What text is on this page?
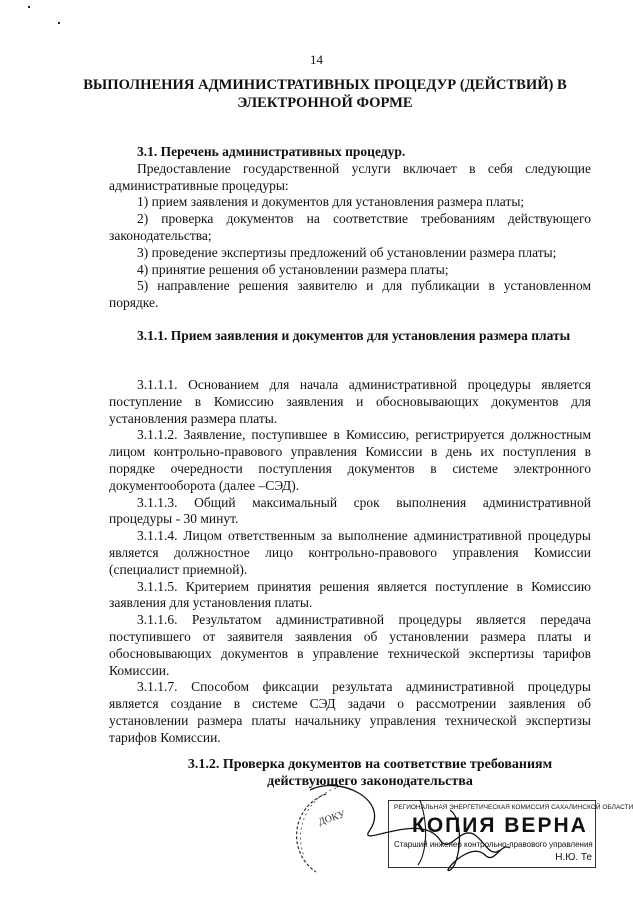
14
ВЫПОЛНЕНИЯ АДМИНИСТРАТИВНЫХ ПРОЦЕДУР (ДЕЙСТВИЙ) В
ЭЛЕКТРОННОЙ ФОРМЕ

3.1. Перечень административных процедур.

Предоставление государственной услуги включает в себя следующие административные процедуры:

1) прием заявления и документов для установления размера платы;

2) проверка документов на соответствие требованиям действующего законодательства;

3) проведение экспертизы предложений об установлении размера платы;

4) принятие решения об установлении размера платы;

5) направление решения заявителю и для публикации в установленном порядке.

3.1.1. Прием заявления и документов для установления размера платы

3.1.1.1. Основанием для начала административной процедуры является поступление в Комиссию заявления и обосновывающих документов для установления размера платы.

3.1.1.2. Заявление, поступившее в Комиссию, регистрируется должностным лицом контрольно-правового управления Комиссии в день их поступления в порядке очередности поступления документов в системе электронного документооборота (далее –СЭД).

3.1.1.3. Общий максимальный срок выполнения административной процедуры - 30 минут.

3.1.1.4. Лицом ответственным за выполнение административной процедуры является должностное лицо контрольно-правового управления Комиссии (специалист приемной).

3.1.1.5. Критерием принятия решения является поступление в Комиссию заявления для установления платы.

3.1.1.6. Результатом административной процедуры является передача поступившего от заявителя заявления об установлении размера платы и обосновывающих документов в управление технической экспертизы тарифов Комиссии.

3.1.1.7. Способом фиксации результата административной процедуры является создание в системе СЭД задачи о рассмотрении заявления об установлении размера платы начальнику управления технической экспертизы тарифов Комиссии.

3.1.2. Проверка документов на соответствие требованиям
действующего законодательства
ДОКУ
РЕГИОНАЛЬНАЯ ЭНЕРГЕТИЧЕСКАЯ КОМИССИЯ САХАЛИНСКОЙ ОБЛАСТИ
КОПИЯ ВЕРНА
Старший инженер контрольно-правового управления
Н.Ю. Те
